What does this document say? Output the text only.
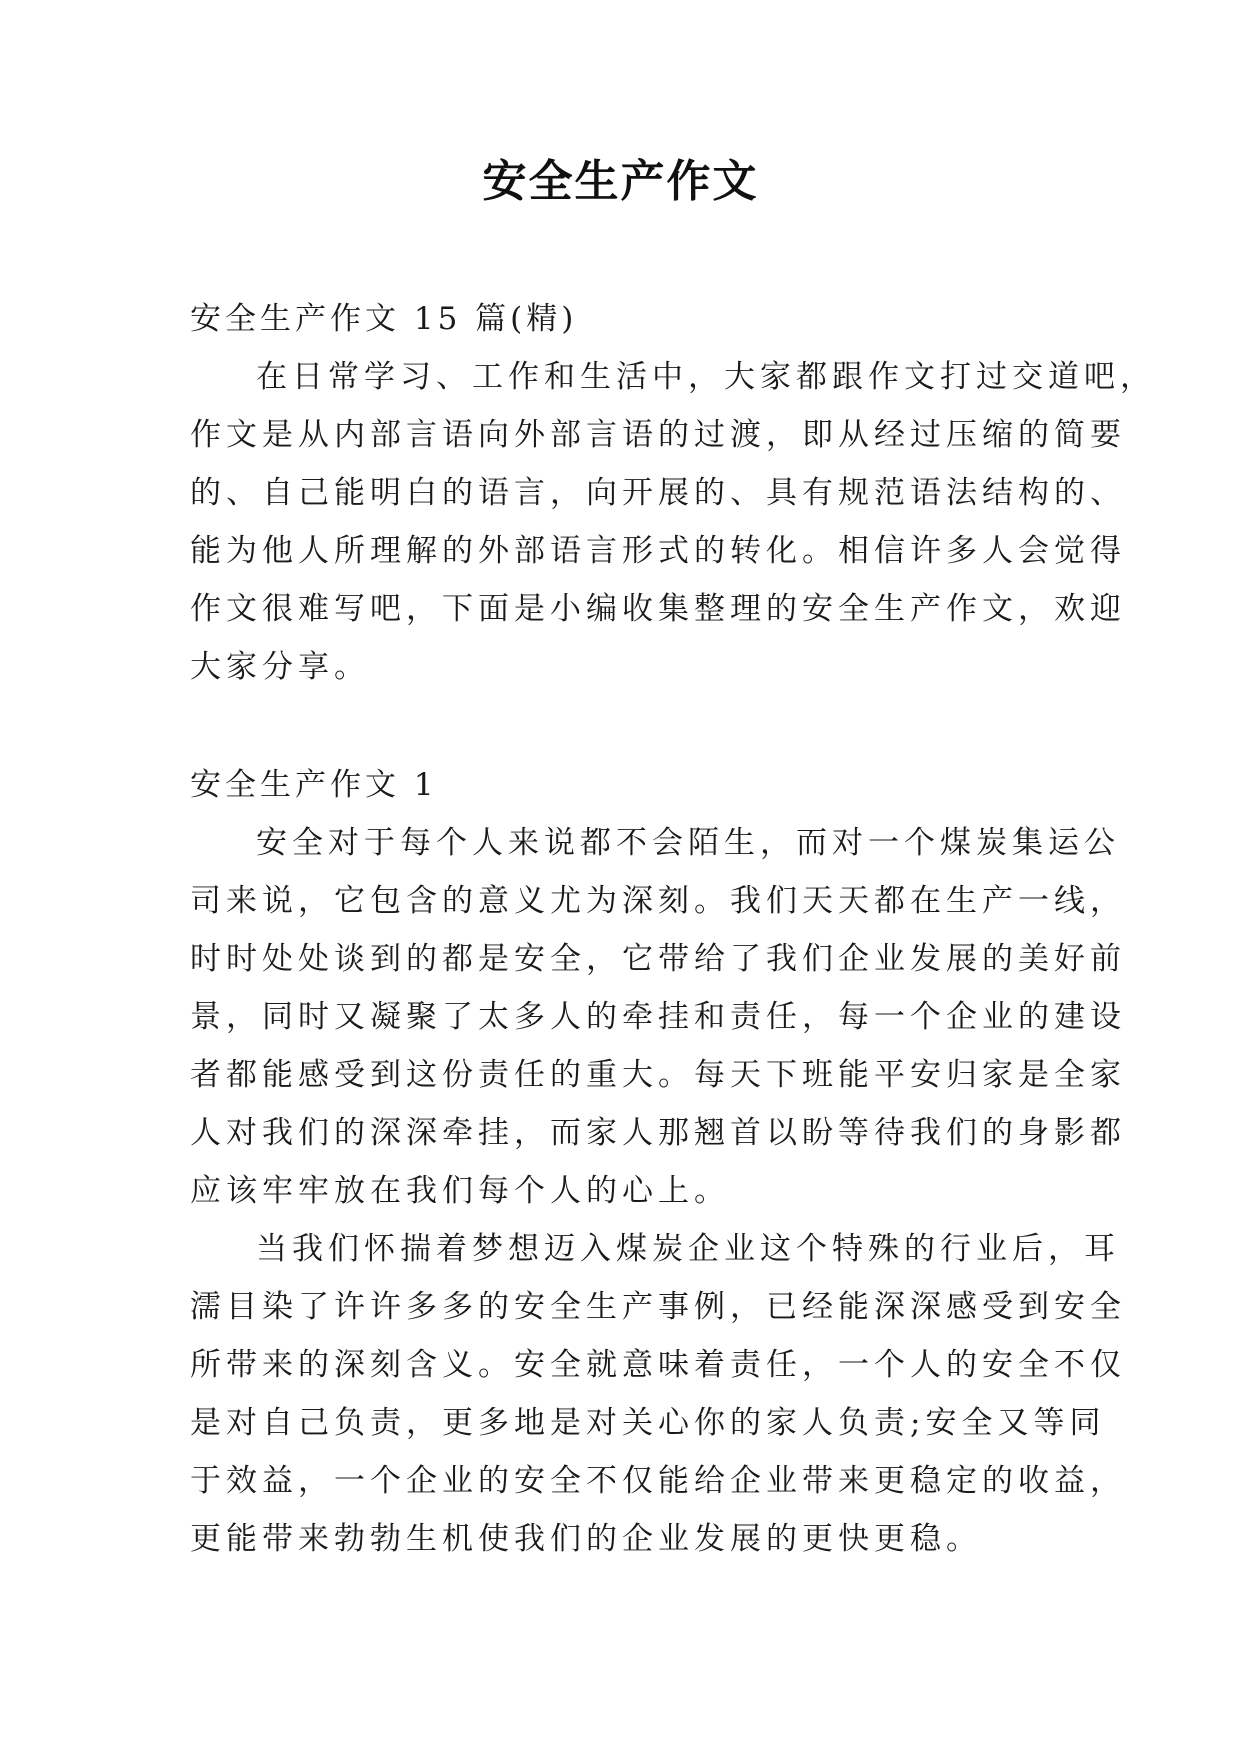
安全生产作文
安全生产作文 15 篇(精)
在日常学习、工作和生活中，大家都跟作文打过交道吧，
作文是从内部言语向外部言语的过渡，即从经过压缩的简要
的、自己能明白的语言，向开展的、具有规范语法结构的、
能为他人所理解的外部语言形式的转化。相信许多人会觉得
作文很难写吧，下面是小编收集整理的安全生产作文，欢迎
大家分享。
安全生产作文 1
安全对于每个人来说都不会陌生，而对一个煤炭集运公
司来说，它包含的意义尤为深刻。我们天天都在生产一线，
时时处处谈到的都是安全，它带给了我们企业发展的美好前
景，同时又凝聚了太多人的牵挂和责任，每一个企业的建设
者都能感受到这份责任的重大。每天下班能平安归家是全家
人对我们的深深牵挂，而家人那翘首以盼等待我们的身影都
应该牢牢放在我们每个人的心上。
当我们怀揣着梦想迈入煤炭企业这个特殊的行业后，耳
濡目染了许许多多的安全生产事例，已经能深深感受到安全
所带来的深刻含义。安全就意味着责任，一个人的安全不仅
是对自己负责，更多地是对关心你的家人负责;安全又等同
于效益，一个企业的安全不仅能给企业带来更稳定的收益，
更能带来勃勃生机使我们的企业发展的更快更稳。
